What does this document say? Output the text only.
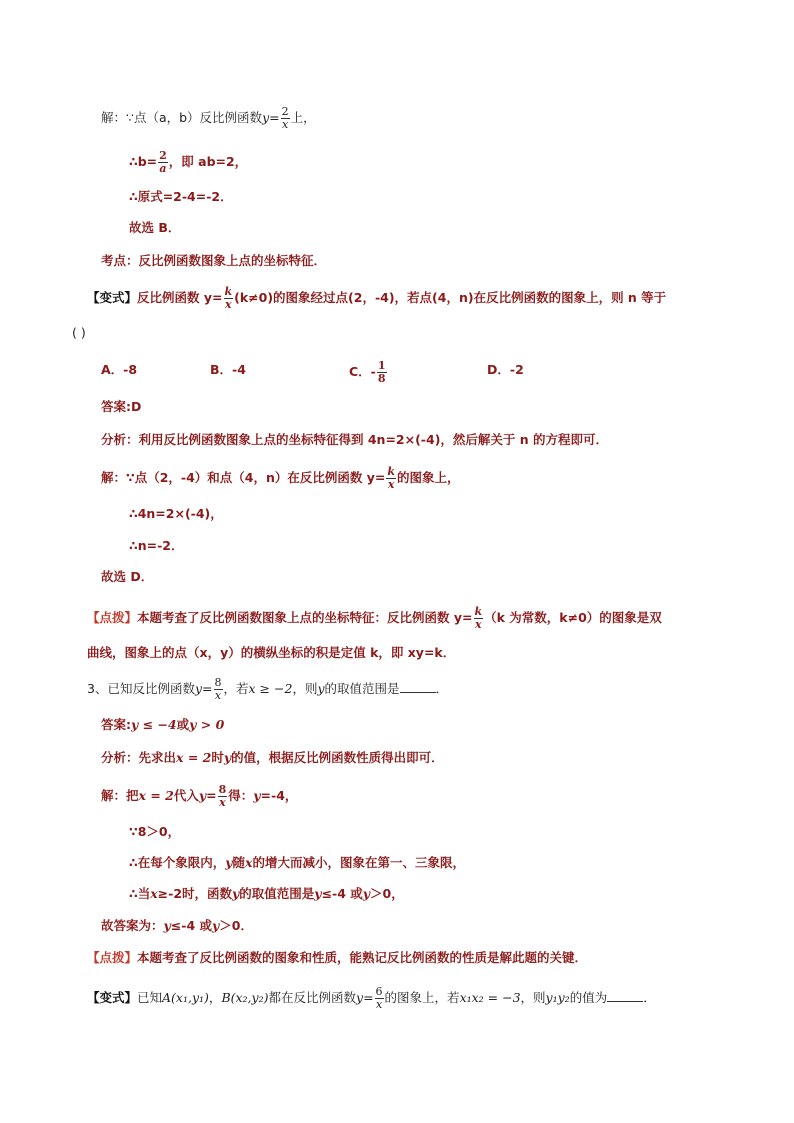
解：∵点（a，b）反比例函数$y= \frac{2}{x}$ 上，
∴b= $\frac{2}{a}$ ，即 ab=2，
∴原式=2-4=-2．
故选 B．
考点：反比例函数图象上点的坐标特征．
【变式】反比例函数 $y= \frac{k}{x} (k\ne 0)$的图象经过点(2，-4)，若点(4，n)在反比例函数的图象上，则 n 等于
( )
A．-8	B．-4	C．- $\frac{1}{8}$	D．-2
答案:D
分析：利用反比例函数图象上点的坐标特征得到 4n=2×(-4)，然后解关于 n 的方程即可．
解：∵点（2，-4）和点（4，n）在反比例函数 $y= \frac{k}{x}$ 的图象上，
∴4n=2×(-4)，
∴n=-2．
故选 D．
【点拨】本题考查了反比例函数图象上点的坐标特征：反比例函数 $y= \frac{k}{x} (k$ 为常数，k≠0）的图象是双
曲线，图象上的点（x，y）的横纵坐标的积是定值 k，即 xy=k．
3、已知反比例函数$y= \frac{8}{x}$ ，若x ≥ −2，则y的取值范围是	．
答案:y ≤ −4或y > 0
分析：先求出x = 2时y的值，根据反比例函数性质得出即可．
解：把x = 2代入$y= \frac{8}{x}$ 得：y=-4，
∵8＞0，
∴在每个象限内，y随x的增大而减小，图象在第一、三象限，
∴当x≥-2时，函数y的取值范围是y≤-4 或y＞0，
故答案为：y≤-4 或y＞0．
【点拨】本题考查了反比例函数的图象和性质，能熟记反比例函数的性质是解此题的关键．
【变式】已知A(x₁,y₁)，B(x₂,y₂)都在反比例函数$y= \frac{6}{x}$ 的图象上，若x₁x₂ = −3，则y₁y₂的值为	．
